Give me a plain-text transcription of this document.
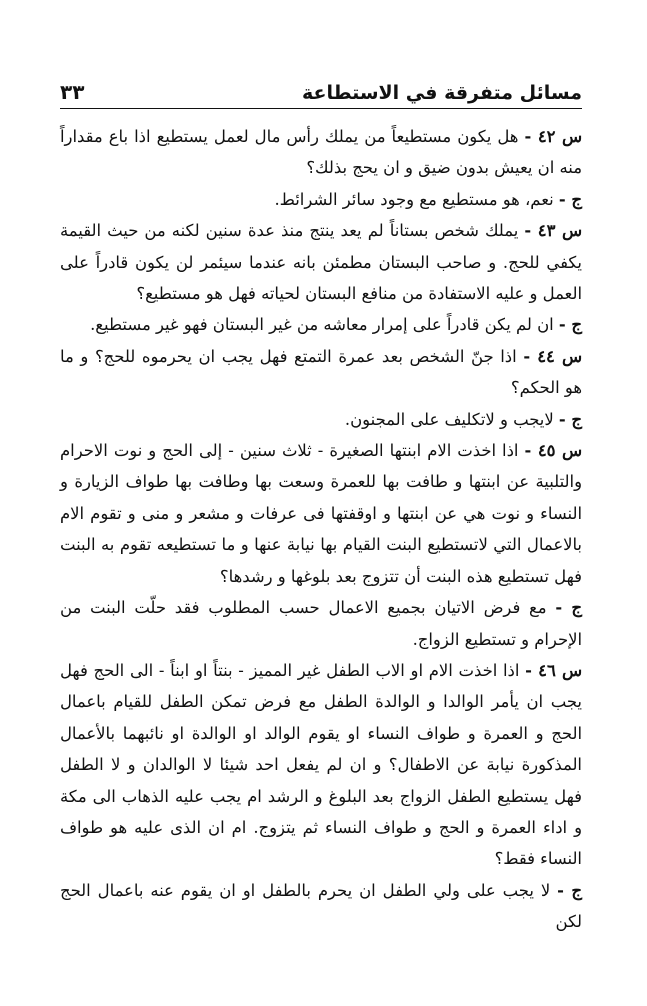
مسائل متفرقة في الاستطاعة
٣٣

س ٤٢ - هل يكون مستطيعاً من يملك رأس مال لعمل يستطيع اذا باع مقداراً منه ان يعيش بدون ضيق و ان يحج بذلك؟

ج - نعم، هو مستطيع مع وجود سائر الشرائط.

س ٤٣ - يملك شخص بستاناً لم يعد ينتج منذ عدة سنين لكنه من حيث القيمة يكفي للحج. و صاحب البستان مطمئن بانه عندما سيئمر لن يكون قادراً على العمل و عليه الاستفادة من منافع البستان لحياته فهل هو مستطيع؟

ج - ان لم يكن قادراً على إمرار معاشه من غير البستان فهو غير مستطيع.

س ٤٤ - اذا جنّ الشخص بعد عمرة التمتع فهل يجب ان يحرموه للحج؟ و ما هو الحكم؟

ج - لايجب و لاتكليف على المجنون.

س ٤٥ - اذا اخذت الام ابنتها الصغيرة - ثلاث سنين - إلى الحج و نوت الاحرام والتلبية عن ابنتها و طافت بها للعمرة وسعت بها وطافت بها طواف الزيارة و النساء و نوت هي عن ابنتها و اوقفتها فى عرفات و مشعر و منى و تقوم الام بالاعمال التي لاتستطيع البنت القيام بها نيابة عنها و ما تستطيعه تقوم به البنت فهل تستطيع هذه البنت أن تتزوج بعد بلوغها و رشدها؟

ج - مع فرض الاتيان بجميع الاعمال حسب المطلوب فقد حلّت البنت من الإحرام و تستطيع الزواج.

س ٤٦ - اذا اخذت الام او الاب الطفل غير المميز - بنتاً او ابناً - الى الحج فهل يجب ان يأمر الوالدا و الوالدة الطفل مع فرض تمكن الطفل للقيام باعمال الحج و العمرة و طواف النساء او يقوم الوالد او الوالدة او نائبهما بالأعمال المذكورة نيابة عن الاطفال؟ و ان لم يفعل احد شيئا لا الوالدان و لا الطفل فهل يستطيع الطفل الزواج بعد البلوغ و الرشد ام يجب عليه الذهاب الى مكة و اداء العمرة و الحج و طواف النساء ثم يتزوج. ام ان الذى عليه هو طواف النساء فقط؟

ج - لا يجب على ولي الطفل ان يحرم بالطفل او ان يقوم عنه باعمال الحج لكن
